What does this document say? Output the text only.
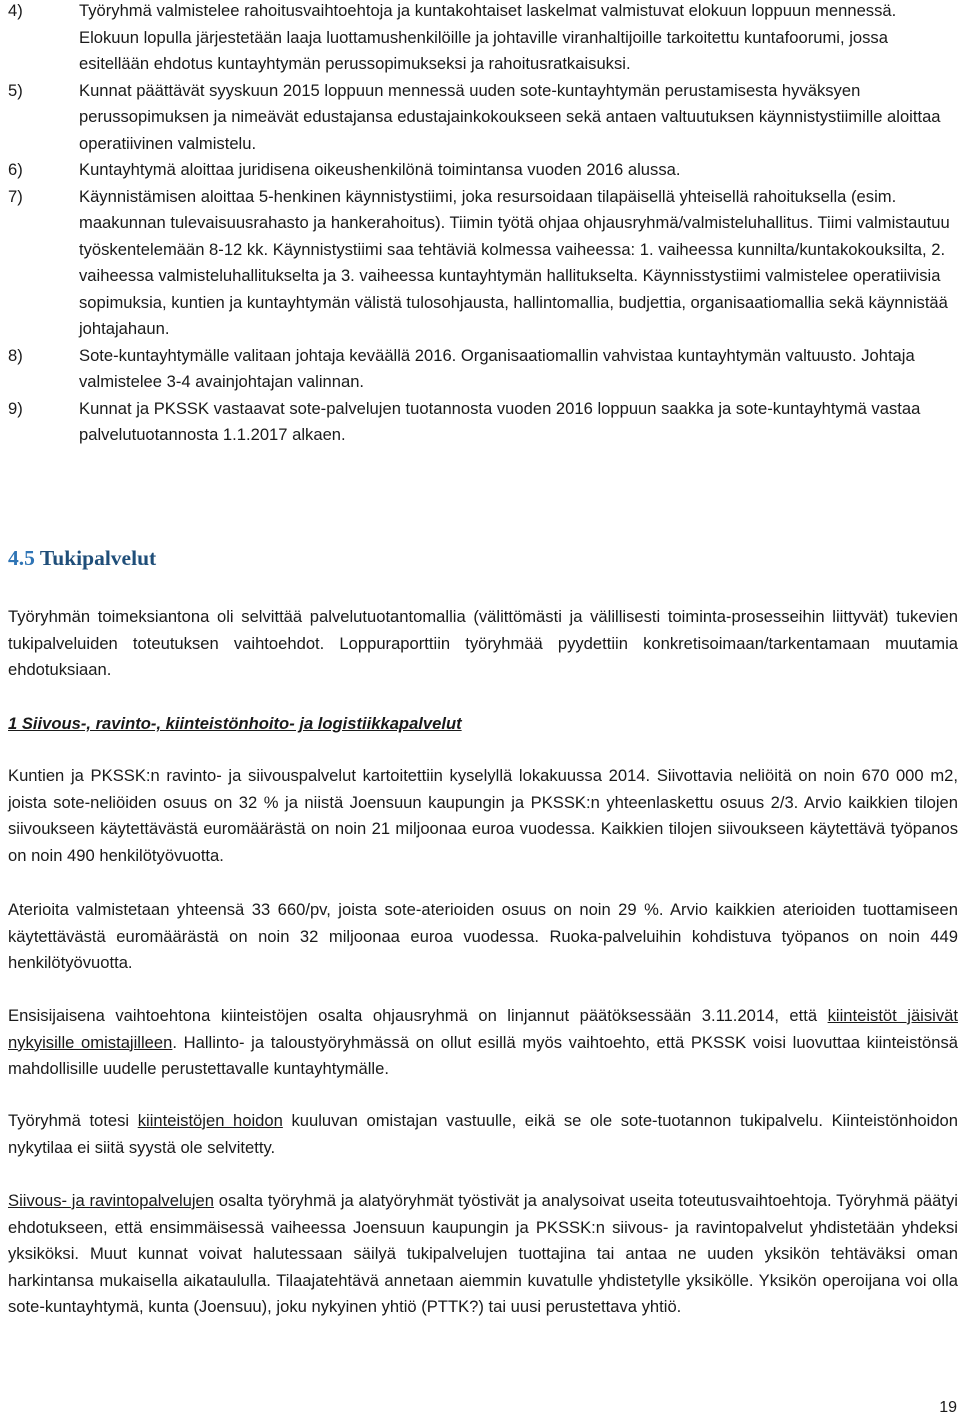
4)	Työryhmä valmistelee rahoitusvaihtoehtoja ja kuntakohtaiset laskelmat valmistuvat elokuun loppuun mennessä. Elokuun lopulla järjestetään laaja luottamushenkilöille ja johtaville viranhaltijoille tarkoitettu kuntafoorumi, jossa esitellään ehdotus kuntayhtymän perussopimukseksi ja rahoitusratkaisuksi.
5)	Kunnat päättävät syyskuun 2015 loppuun mennessä uuden sote-kuntayhtymän perustamisesta hyväksyen perussopimuksen ja nimeävät edustajansa edustajainkokoukseen sekä antaen valtuutuksen käynnistystiimille aloittaa operatiivinen valmistelu.
6)	Kuntayhtymä aloittaa juridisena oikeushenkilönä toimintansa vuoden 2016 alussa.
7)	Käynnistämisen aloittaa 5-henkinen käynnistystiimi, joka resursoidaan tilapäisellä yhteisellä rahoituksella (esim. maakunnan tulevaisuusrahasto ja hankerahoitus). Tiimin työtä ohjaa ohjausryhmä/valmisteluhallitus. Tiimi valmistautuu työskentelemään 8-12 kk. Käynnistystiimi saa tehtäviä kolmessa vaiheessa: 1. vaiheessa kunnilta/kuntakokouksilta, 2. vaiheessa valmisteluhallitukselta ja 3. vaiheessa kuntayhtymän hallitukselta. Käynnisstystiimi valmistelee operatiivisia sopimuksia, kuntien ja kuntayhtymän välistä tulosohjausta, hallintomallia, budjettia, organisaatiomallia sekä käynnistää johtajahaun.
8)	Sote-kuntayhtymälle valitaan johtaja keväällä 2016. Organisaatiomallin vahvistaa kuntayhtymän valtuusto. Johtaja valmistelee 3-4 avainjohtajan valinnan.
9)	Kunnat ja PKSSK vastaavat sote-palvelujen tuotannosta vuoden 2016 loppuun saakka ja sote-kuntayhtymä vastaa palvelutuotannosta 1.1.2017 alkaen.
4.5 Tukipalvelut

Työryhmän toimeksiantona oli selvittää palvelutuotantomallia (välittömästi ja välillisesti toiminta-prosesseihin liittyvät) tukevien tukipalveluiden toteutuksen vaihtoehdot. Loppuraporttiin työryhmää pyydettiin konkretisoimaan/tarkentamaan muutamia ehdotuksiaan.

1 Siivous-, ravinto-, kiinteistönhoito- ja logistiikkapalvelut

Kuntien ja PKSSK:n ravinto- ja siivouspalvelut kartoitettiin kyselyllä lokakuussa 2014. Siivottavia neliöitä on noin 670 000 m2, joista sote-neliöiden osuus on 32 % ja niistä Joensuun kaupungin ja PKSSK:n yhteenlaskettu osuus 2/3. Arvio kaikkien tilojen siivoukseen käytettävästä euromäärästä on noin 21 miljoonaa euroa vuodessa. Kaikkien tilojen siivoukseen käytettävä työpanos on noin 490 henkilötyövuotta.

Aterioita valmistetaan yhteensä 33 660/pv, joista sote-aterioiden osuus on noin 29 %. Arvio kaikkien aterioiden tuottamiseen käytettävästä euromäärästä on noin 32 miljoonaa euroa vuodessa. Ruoka-palveluihin kohdistuva työpanos on noin 449 henkilötyövuotta.

Ensisijaisena vaihtoehtona kiinteistöjen osalta ohjausryhmä on linjannut päätöksessään 3.11.2014, että kiinteistöt jäisivät nykyisille omistajilleen. Hallinto- ja taloustyöryhmässä on ollut esillä myös vaihtoehto, että PKSSK voisi luovuttaa kiinteistönsä mahdollisille uudelle perustettavalle kuntayhtymälle.

Työryhmä totesi kiinteistöjen hoidon kuuluvan omistajan vastuulle, eikä se ole sote-tuotannon tukipalvelu. Kiinteistönhoidon nykytilaa ei siitä syystä ole selvitetty.

Siivous- ja ravintopalvelujen osalta työryhmä ja alatyöryhmät työstivät ja analysoivat useita toteutusvaihtoehtoja. Työryhmä päätyi ehdotukseen, että ensimmäisessä vaiheessa Joensuun kaupungin ja PKSSK:n siivous- ja ravintopalvelut yhdistetään yhdeksi yksiköksi. Muut kunnat voivat halutessaan säilyä tukipalvelujen tuottajina tai antaa ne uuden yksikön tehtäväksi oman harkintansa mukaisella aikataululla. Tilaajatehtävä annetaan aiemmin kuvatulle yhdistetylle yksikölle. Yksikön operoijana voi olla sote-kuntayhtymä, kunta (Joensuu), joku nykyinen yhtiö (PTTK?) tai uusi perustettava yhtiö.

19
